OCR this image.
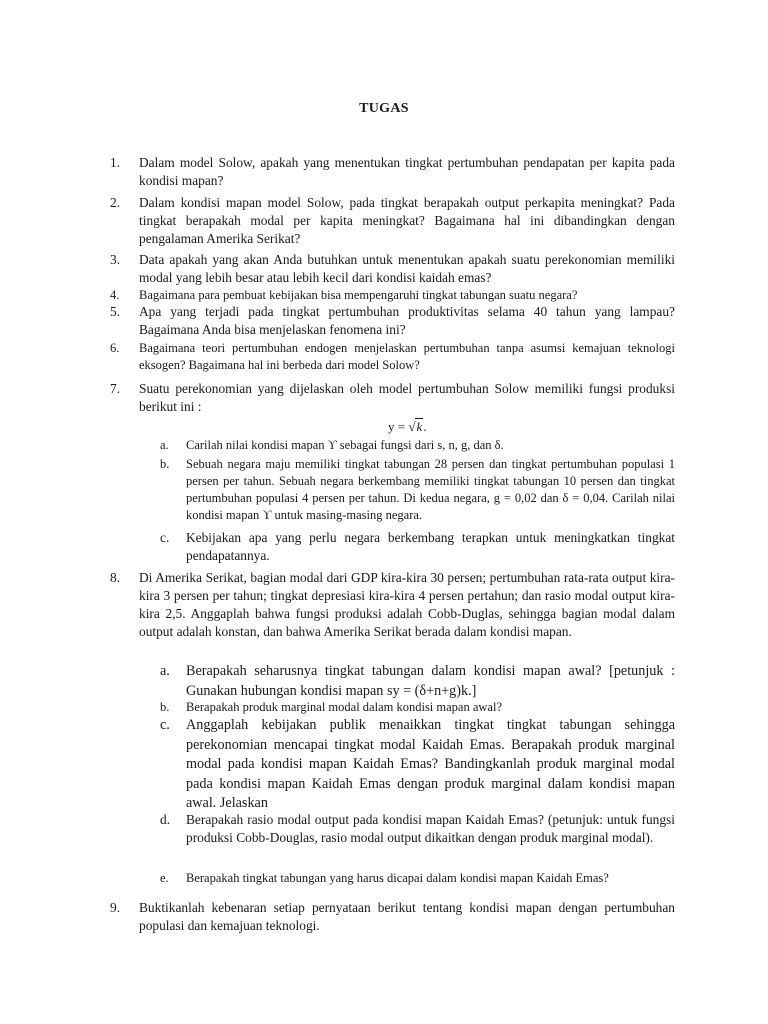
TUGAS
1.	Dalam model Solow, apakah yang menentukan tingkat pertumbuhan pendapatan per kapita pada kondisi mapan?
2.	Dalam kondisi mapan model Solow, pada tingkat berapakah output perkapita meningkat? Pada tingkat berapakah modal per kapita meningkat? Bagaimana hal ini dibandingkan dengan pengalaman Amerika Serikat?
3.	Data apakah yang akan Anda butuhkan untuk menentukan apakah suatu perekonomian memiliki modal yang lebih besar atau lebih kecil dari kondisi kaidah emas?
4.	Bagaimana para pembuat kebijakan bisa mempengaruhi tingkat tabungan suatu negara?
5.	Apa yang terjadi pada tingkat pertumbuhan produktivitas selama 40 tahun yang lampau? Bagaimana Anda bisa menjelaskan fenomena ini?
6.	Bagaimana teori pertumbuhan endogen menjelaskan pertumbuhan tanpa asumsi kemajuan teknologi eksogen? Bagaimana hal ini berbeda dari model Solow?
7.	Suatu perekonomian yang dijelaskan oleh model pertumbuhan Solow memiliki fungsi produksi berikut ini :
y = √k.
a. Carilah nilai kondisi mapan ϒ sebagai fungsi dari s, n, g, dan δ.
b. Sebuah negara maju memiliki tingkat tabungan 28 persen dan tingkat pertumbuhan populasi 1 persen per tahun. Sebuah negara berkembang memiliki tingkat tabungan 10 persen dan tingkat pertumbuhan populasi 4 persen per tahun. Di kedua negara, g = 0,02 dan δ = 0,04. Carilah nilai kondisi mapan ϒ untuk masing-masing negara.
c. Kebijakan apa yang perlu negara berkembang terapkan untuk meningkatkan tingkat pendapatannya.
8.	Di Amerika Serikat, bagian modal dari GDP kira-kira 30 persen; pertumbuhan rata-rata output kira-kira 3 persen per tahun; tingkat depresiasi kira-kira 4 persen pertahun; dan rasio modal output kira-kira 2,5. Anggaplah bahwa fungsi produksi adalah Cobb-Duglas, sehingga bagian modal dalam output adalah konstan, dan bahwa Amerika Serikat berada dalam kondisi mapan.
a. Berapakah seharusnya tingkat tabungan dalam kondisi mapan awal? [petunjuk : Gunakan hubungan kondisi mapan sy = (δ+n+g)k.]
b. Berapakah produk marginal modal dalam kondisi mapan awal?
c. Anggaplah kebijakan publik menaikkan tingkat tingkat tabungan sehingga perekonomian mencapai tingkat modal Kaidah Emas. Berapakah produk marginal modal pada kondisi mapan Kaidah Emas? Bandingkanlah produk marginal modal pada kondisi mapan Kaidah Emas dengan produk marginal dalam kondisi mapan awal. Jelaskan
d. Berapakah rasio modal output pada kondisi mapan Kaidah Emas? (petunjuk: untuk fungsi produksi Cobb-Douglas, rasio modal output dikaitkan dengan produk marginal modal).
e. Berapakah tingkat tabungan yang harus dicapai dalam kondisi mapan Kaidah Emas?
9.	Buktikanlah kebenaran setiap pernyataan berikut tentang kondisi mapan dengan pertumbuhan populasi dan kemajuan teknologi.
